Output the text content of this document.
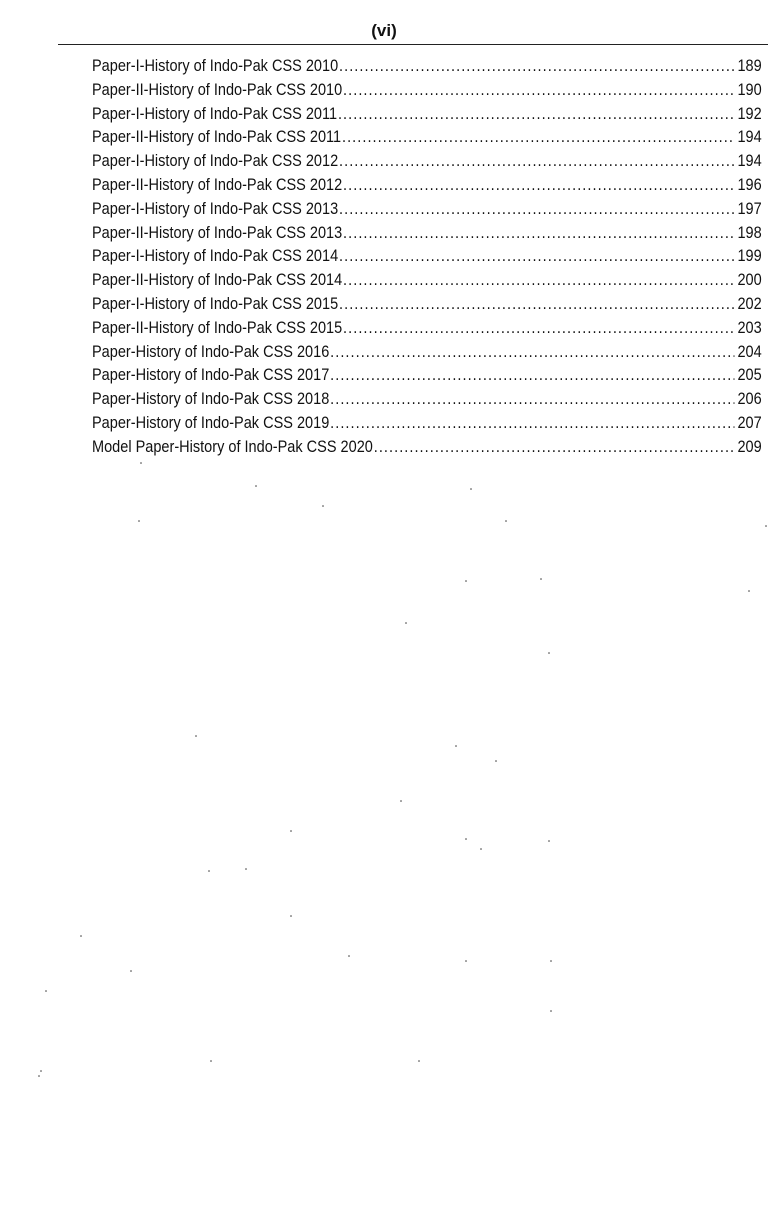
(vi)
Paper-I-History of Indo-Pak CSS 2010 .....	189
Paper-II-History of Indo-Pak CSS 2010 .....	190
Paper-I-History of Indo-Pak CSS 2011 .....	192
Paper-II-History of Indo-Pak CSS 2011 .....	194
Paper-I-History of Indo-Pak CSS 2012 .....	194
Paper-II-History of Indo-Pak CSS 2012 .....	196
Paper-I-History of Indo-Pak CSS 2013 .....	197
Paper-II-History of Indo-Pak CSS 2013 .....	198
Paper-I-History of Indo-Pak CSS 2014 .....	199
Paper-II-History of Indo-Pak CSS 2014 .....	200
Paper-I-History of Indo-Pak CSS 2015 .....	202
Paper-II-History of Indo-Pak CSS 2015 .....	203
Paper-History of Indo-Pak CSS 2016 .....	204
Paper-History of Indo-Pak CSS 2017 .....	205
Paper-History of Indo-Pak CSS 2018 .....	206
Paper-History of Indo-Pak CSS 2019 .....	207
Model Paper-History of Indo-Pak CSS 2020 .....	209
